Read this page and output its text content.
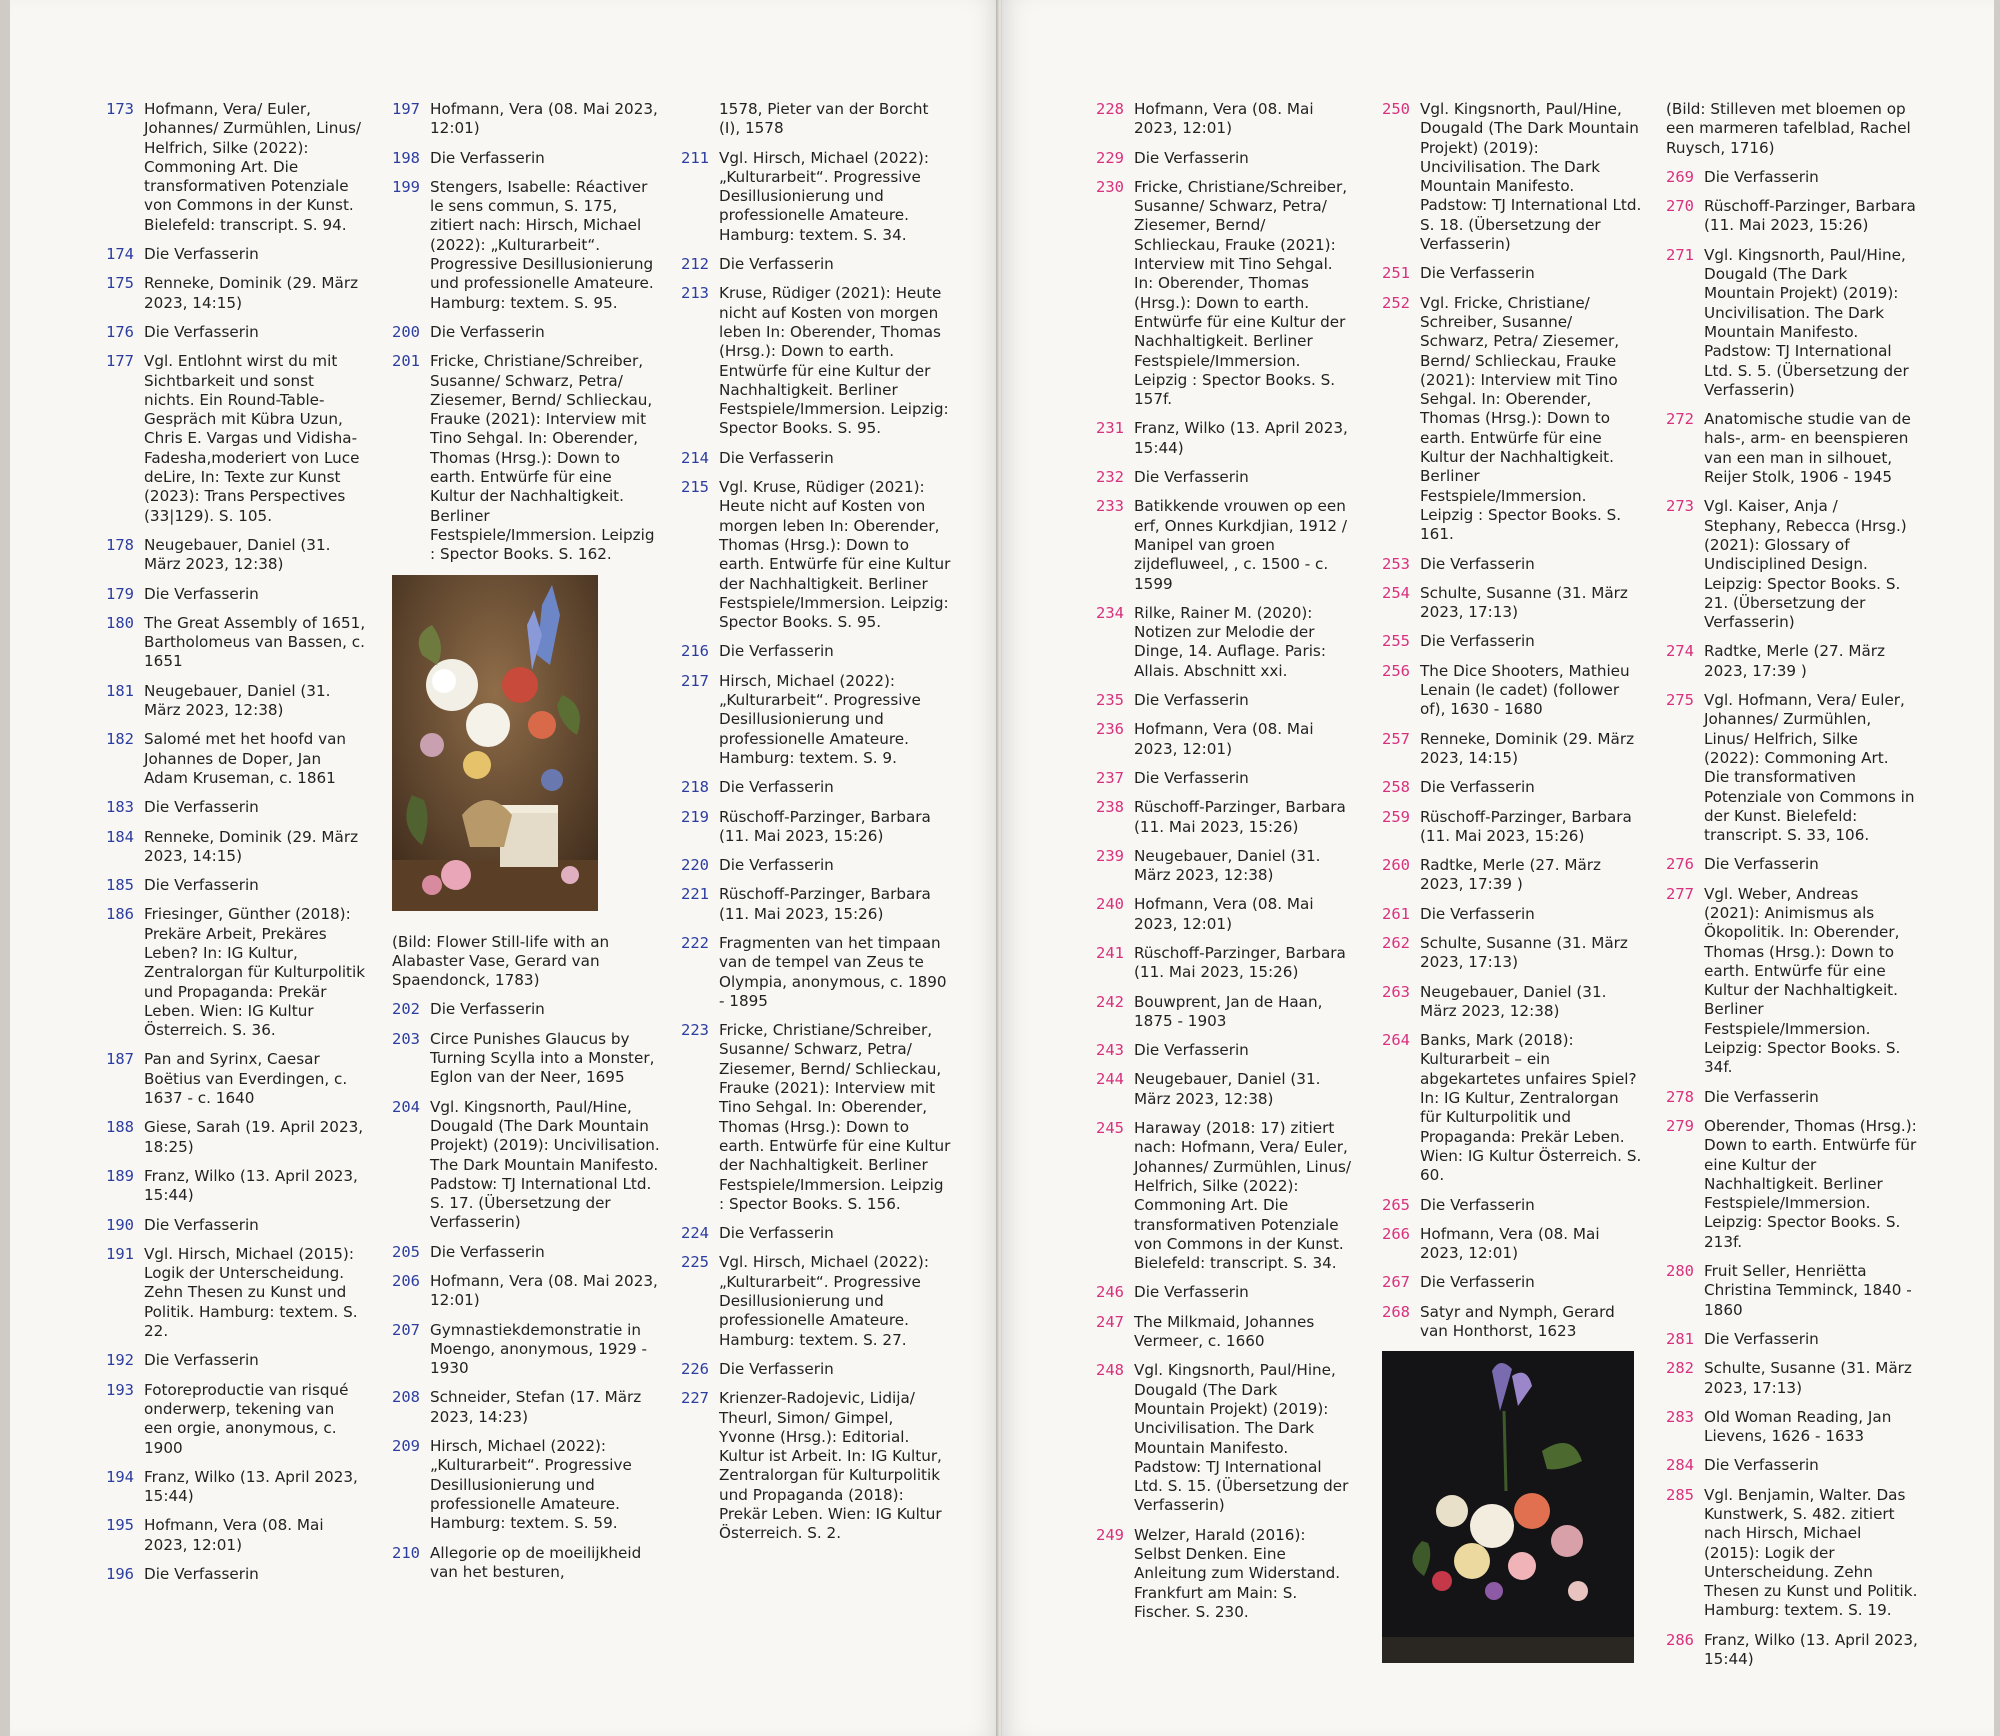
173 Hofmann, Vera/ Euler, Johannes/ Zurmühlen, Linus/ Helfrich, Silke (2022): Commoning Art. Die transformativen Potenziale von Commons in der Kunst. Bielefeld: transcript. S. 94.
174 Die Verfasserin
175 Renneke, Dominik (29. März 2023, 14:15)
176 Die Verfasserin
177 Vgl. Entlohnt wirst du mit Sichtbarkeit und sonst nichts. Ein Round-Table-Gespräch mit Kübra Uzun, Chris E. Vargas und Vidisha-Fadesha,moderiert von Luce deLire, In: Texte zur Kunst (2023): Trans Perspectives (33|129). S. 105.
178 Neugebauer, Daniel (31. März 2023, 12:38)
179 Die Verfasserin
180 The Great Assembly of 1651, Bartholomeus van Bassen, c. 1651
181 Neugebauer, Daniel (31. März 2023, 12:38)
182 Salomé met het hoofd van Johannes de Doper, Jan Adam Kruseman, c. 1861
183 Die Verfasserin
184 Renneke, Dominik (29. März 2023, 14:15)
185 Die Verfasserin
186 Friesinger, Günther (2018): Prekäre Arbeit, Prekäres Leben? In: IG Kultur, Zentralorgan für Kulturpolitik und Propaganda: Prekär Leben. Wien: IG Kultur Österreich. S. 36.
187 Pan and Syrinx, Caesar Boëtius van Everdingen, c. 1637 - c. 1640
188 Giese, Sarah (19. April 2023, 18:25)
189 Franz, Wilko (13. April 2023, 15:44)
190 Die Verfasserin
191 Vgl. Hirsch, Michael (2015): Logik der Unterscheidung. Zehn Thesen zu Kunst und Politik. Hamburg: textem. S. 22.
192 Die Verfasserin
193 Fotoreproductie van risqué onderwerp, tekening van een orgie, anonymous, c. 1900
194 Franz, Wilko (13. April 2023, 15:44)
195 Hofmann, Vera (08. Mai 2023, 12:01)
196 Die Verfasserin
197 Hofmann, Vera (08. Mai 2023, 12:01)
198 Die Verfasserin
199 Stengers, Isabelle: Réactiver le sens commun, S. 175, zitiert nach: Hirsch, Michael (2022): „Kulturarbeit“. Progressive Desillusionierung und professionelle Amateure. Hamburg: textem. S. 95.
200 Die Verfasserin
201 Fricke, Christiane/Schreiber, Susanne/ Schwarz, Petra/ Ziesemer, Bernd/ Schlieckau, Frauke (2021): Interview mit Tino Sehgal. In: Oberender, Thomas (Hrsg.): Down to earth. Entwürfe für eine Kultur der Nachhaltigkeit. Berliner Festspiele/Immersion. Leipzig : Spector Books. S. 162.
(Bild: Flower Still-life with an Alabaster Vase, Gerard van Spaendonck, 1783)
202 Die Verfasserin
203 Circe Punishes Glaucus by Turning Scylla into a Monster, Eglon van der Neer, 1695
204 Vgl. Kingsnorth, Paul/Hine, Dougald (The Dark Mountain Projekt) (2019): Uncivilisation. The Dark Mountain Manifesto. Padstow: TJ International Ltd. S. 17. (Übersetzung der Verfasserin)
205 Die Verfasserin
206 Hofmann, Vera (08. Mai 2023, 12:01)
207 Gymnastiekdemonstratie in Moengo, anonymous, 1929 - 1930
208 Schneider, Stefan (17. März 2023, 14:23)
209 Hirsch, Michael (2022): „Kulturarbeit“. Progressive Desillusionierung und professionelle Amateure. Hamburg: textem. S. 59.
210 Allegorie op de moeilijkheid van het besturen,
1578, Pieter van der Borcht (I), 1578
211 Vgl. Hirsch, Michael (2022): „Kulturarbeit“. Progressive Desillusionierung und professionelle Amateure. Hamburg: textem. S. 34.
212 Die Verfasserin
213 Kruse, Rüdiger (2021): Heute nicht auf Kosten von morgen leben In: Oberender, Thomas (Hrsg.): Down to earth. Entwürfe für eine Kultur der Nachhaltigkeit. Berliner Festspiele/Immersion. Leipzig: Spector Books. S. 95.
214 Die Verfasserin
215 Vgl. Kruse, Rüdiger (2021): Heute nicht auf Kosten von morgen leben In: Oberender, Thomas (Hrsg.): Down to earth. Entwürfe für eine Kultur der Nachhaltigkeit. Berliner Festspiele/Immersion. Leipzig: Spector Books. S. 95.
216 Die Verfasserin
217 Hirsch, Michael (2022): „Kulturarbeit“. Progressive Desillusionierung und professionelle Amateure. Hamburg: textem. S. 9.
218 Die Verfasserin
219 Rüschoff-Parzinger, Barbara (11. Mai 2023, 15:26)
220 Die Verfasserin
221 Rüschoff-Parzinger, Barbara (11. Mai 2023, 15:26)
222 Fragmenten van het timpaan van de tempel van Zeus te Olympia, anonymous, c. 1890 - 1895
223 Fricke, Christiane/Schreiber, Susanne/ Schwarz, Petra/ Ziesemer, Bernd/ Schlieckau, Frauke (2021): Interview mit Tino Sehgal. In: Oberender, Thomas (Hrsg.): Down to earth. Entwürfe für eine Kultur der Nachhaltigkeit. Berliner Festspiele/Immersion. Leipzig : Spector Books. S. 156.
224 Die Verfasserin
225 Vgl. Hirsch, Michael (2022): „Kulturarbeit“. Progressive Desillusionierung und professionelle Amateure. Hamburg: textem. S. 27.
226 Die Verfasserin
227 Krienzer-Radojevic, Lidija/ Theurl, Simon/ Gimpel, Yvonne (Hrsg.): Editorial. Kultur ist Arbeit. In: IG Kultur, Zentralorgan für Kulturpolitik und Propaganda (2018): Prekär Leben. Wien: IG Kultur Österreich. S. 2.
228 Hofmann, Vera (08. Mai 2023, 12:01)
229 Die Verfasserin
230 Fricke, Christiane/Schreiber, Susanne/ Schwarz, Petra/ Ziesemer, Bernd/ Schlieckau, Frauke (2021): Interview mit Tino Sehgal. In: Oberender, Thomas (Hrsg.): Down to earth. Entwürfe für eine Kultur der Nachhaltigkeit. Berliner Festspiele/Immersion. Leipzig : Spector Books. S. 157f.
231 Franz, Wilko (13. April 2023, 15:44)
232 Die Verfasserin
233 Batikkende vrouwen op een erf, Onnes Kurkdjian, 1912 / Manipel van groen zijdefluweel, , c. 1500 - c. 1599
234 Rilke, Rainer M. (2020): Notizen zur Melodie der Dinge, 14. Auflage. Paris: Allais. Abschnitt xxi.
235 Die Verfasserin
236 Hofmann, Vera (08. Mai 2023, 12:01)
237 Die Verfasserin
238 Rüschoff-Parzinger, Barbara (11. Mai 2023, 15:26)
239 Neugebauer, Daniel (31. März 2023, 12:38)
240 Hofmann, Vera (08. Mai 2023, 12:01)
241 Rüschoff-Parzinger, Barbara (11. Mai 2023, 15:26)
242 Bouwprent, Jan de Haan, 1875 - 1903
243 Die Verfasserin
244 Neugebauer, Daniel (31. März 2023, 12:38)
245 Haraway (2018: 17) zitiert nach: Hofmann, Vera/ Euler, Johannes/ Zurmühlen, Linus/ Helfrich, Silke (2022): Commoning Art. Die transformativen Potenziale von Commons in der Kunst. Bielefeld: transcript. S. 34.
246 Die Verfasserin
247 The Milkmaid, Johannes Vermeer, c. 1660
248 Vgl. Kingsnorth, Paul/Hine, Dougald (The Dark Mountain Projekt) (2019): Uncivilisation. The Dark Mountain Manifesto. Padstow: TJ International Ltd. S. 15. (Übersetzung der Verfasserin)
249 Welzer, Harald (2016): Selbst Denken. Eine Anleitung zum Widerstand. Frankfurt am Main: S. Fischer. S. 230.
250 Vgl. Kingsnorth, Paul/Hine, Dougald (The Dark Mountain Projekt) (2019): Uncivilisation. The Dark Mountain Manifesto. Padstow: TJ International Ltd. S. 18. (Übersetzung der Verfasserin)
251 Die Verfasserin
252 Vgl. Fricke, Christiane/ Schreiber, Susanne/ Schwarz, Petra/ Ziesemer, Bernd/ Schlieckau, Frauke (2021): Interview mit Tino Sehgal. In: Oberender, Thomas (Hrsg.): Down to earth. Entwürfe für eine Kultur der Nachhaltigkeit. Berliner Festspiele/Immersion. Leipzig : Spector Books. S. 161.
253 Die Verfasserin
254 Schulte, Susanne (31. März 2023, 17:13)
255 Die Verfasserin
256 The Dice Shooters, Mathieu Lenain (le cadet) (follower of), 1630 - 1680
257 Renneke, Dominik (29. März 2023, 14:15)
258 Die Verfasserin
259 Rüschoff-Parzinger, Barbara (11. Mai 2023, 15:26)
260 Radtke, Merle (27. März 2023, 17:39 )
261 Die Verfasserin
262 Schulte, Susanne (31. März 2023, 17:13)
263 Neugebauer, Daniel (31. März 2023, 12:38)
264 Banks, Mark (2018): Kulturarbeit – ein abgekartetes unfaires Spiel? In: IG Kultur, Zentralorgan für Kulturpolitik und Propaganda: Prekär Leben. Wien: IG Kultur Österreich. S. 60.
265 Die Verfasserin
266 Hofmann, Vera (08. Mai 2023, 12:01)
267 Die Verfasserin
268 Satyr and Nymph, Gerard van Honthorst, 1623
(Bild: Stilleven met bloemen op een marmeren tafelblad, Rachel Ruysch, 1716)
269 Die Verfasserin
270 Rüschoff-Parzinger, Barbara (11. Mai 2023, 15:26)
271 Vgl. Kingsnorth, Paul/Hine, Dougald (The Dark Mountain Projekt) (2019): Uncivilisation. The Dark Mountain Manifesto. Padstow: TJ International Ltd. S. 5. (Übersetzung der Verfasserin)
272 Anatomische studie van de hals-, arm- en beenspieren van een man in silhouet, Reijer Stolk, 1906 - 1945
273 Vgl. Kaiser, Anja / Stephany, Rebecca (Hrsg.) (2021): Glossary of Undisciplined Design. Leipzig: Spector Books. S. 21. (Übersetzung der Verfasserin)
274 Radtke, Merle (27. März 2023, 17:39 )
275 Vgl. Hofmann, Vera/ Euler, Johannes/ Zurmühlen, Linus/ Helfrich, Silke (2022): Commoning Art. Die transformativen Potenziale von Commons in der Kunst. Bielefeld: transcript. S. 33, 106.
276 Die Verfasserin
277 Vgl. Weber, Andreas (2021): Animismus als Ökopolitik. In: Oberender, Thomas (Hrsg.): Down to earth. Entwürfe für eine Kultur der Nachhaltigkeit. Berliner Festspiele/Immersion. Leipzig: Spector Books. S. 34f.
278 Die Verfasserin
279 Oberender, Thomas (Hrsg.): Down to earth. Entwürfe für eine Kultur der Nachhaltigkeit. Berliner Festspiele/Immersion. Leipzig: Spector Books. S. 213f.
280 Fruit Seller, Henriëtta Christina Temminck, 1840 - 1860
281 Die Verfasserin
282 Schulte, Susanne (31. März 2023, 17:13)
283 Old Woman Reading, Jan Lievens, 1626 - 1633
284 Die Verfasserin
285 Vgl. Benjamin, Walter. Das Kunstwerk, S. 482. zitiert nach Hirsch, Michael (2015): Logik der Unterscheidung. Zehn Thesen zu Kunst und Politik. Hamburg: textem. S. 19.
286 Franz, Wilko (13. April 2023, 15:44)
